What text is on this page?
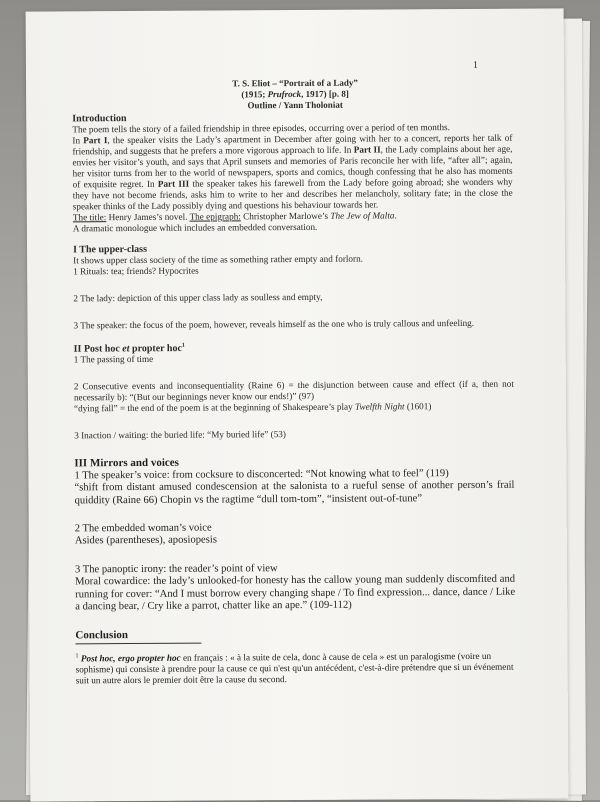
1
T. S. Eliot – “Portrait of a Lady”
(1915; Prufrock, 1917) [p. 8]
Outline / Yann Tholoniat

Introduction

The poem tells the story of a failed friendship in three episodes, occurring over a period of ten months.

In Part I, the speaker visits the Lady’s apartment in December after going with her to a concert, reports her talk of friendship, and suggests that he prefers a more vigorous approach to life. In Part II, the Lady complains about her age, envies her visitor’s youth, and says that April sunsets and memories of Paris reconcile her with life, “after all”; again, her visitor turns from her to the world of newspapers, sports and comics, though confessing that he also has moments of exquisite regret. In Part III the speaker takes his farewell from the Lady before going abroad; she wonders why they have not become friends, asks him to write to her and describes her melancholy, solitary fate; in the close the speaker thinks of the Lady possibly dying and questions his behaviour towards her.

The title: Henry James’s novel. The epigraph: Christopher Marlowe’s The Jew of Malta.

A dramatic monologue which includes an embedded conversation.

I The upper-class

It shows upper class society of the time as something rather empty and forlorn.

1 Rituals: tea; friends? Hypocrites

2 The lady: depiction of this upper class lady as soulless and empty,

3 The speaker: the focus of the poem, however, reveals himself as the one who is truly callous and unfeeling.

II Post hoc et propter hoc$^1$

1 The passing of time

2 Consecutive events and inconsequentiality (Raine 6) = the disjunction between cause and effect (if a, then not necessarily b): “(But our beginnings never know our ends!)” (97)

“dying fall” = the end of the poem is at the beginning of Shakespeare’s play Twelfth Night (1601)

3 Inaction / waiting: the buried life: “My buried life” (53)

III Mirrors and voices

1 The speaker’s voice: from cocksure to disconcerted: “Not knowing what to feel” (119)

“shift from distant amused condescension at the salonista to a rueful sense of another person’s frail quiddity (Raine 66) Chopin vs the ragtime “dull tom-tom”, “insistent out-of-tune”

2 The embedded woman’s voice

Asides (parentheses), aposiopesis

3 The panoptic irony: the reader’s point of view

Moral cowardice: the lady’s unlooked-for honesty has the callow young man suddenly discomfited and running for cover: “And I must borrow every changing shape / To find expression... dance, dance / Like a dancing bear, / Cry like a parrot, chatter like an ape.” (109-112)

Conclusion

$^1$ Post hoc, ergo propter hoc en français : « à la suite de cela, donc à cause de cela » est un paralogisme (voire un sophisme) qui consiste à prendre pour la cause ce qui n'est qu'un antécédent, c'est-à-dire prétendre que si un événement suit un autre alors le premier doit être la cause du second.
